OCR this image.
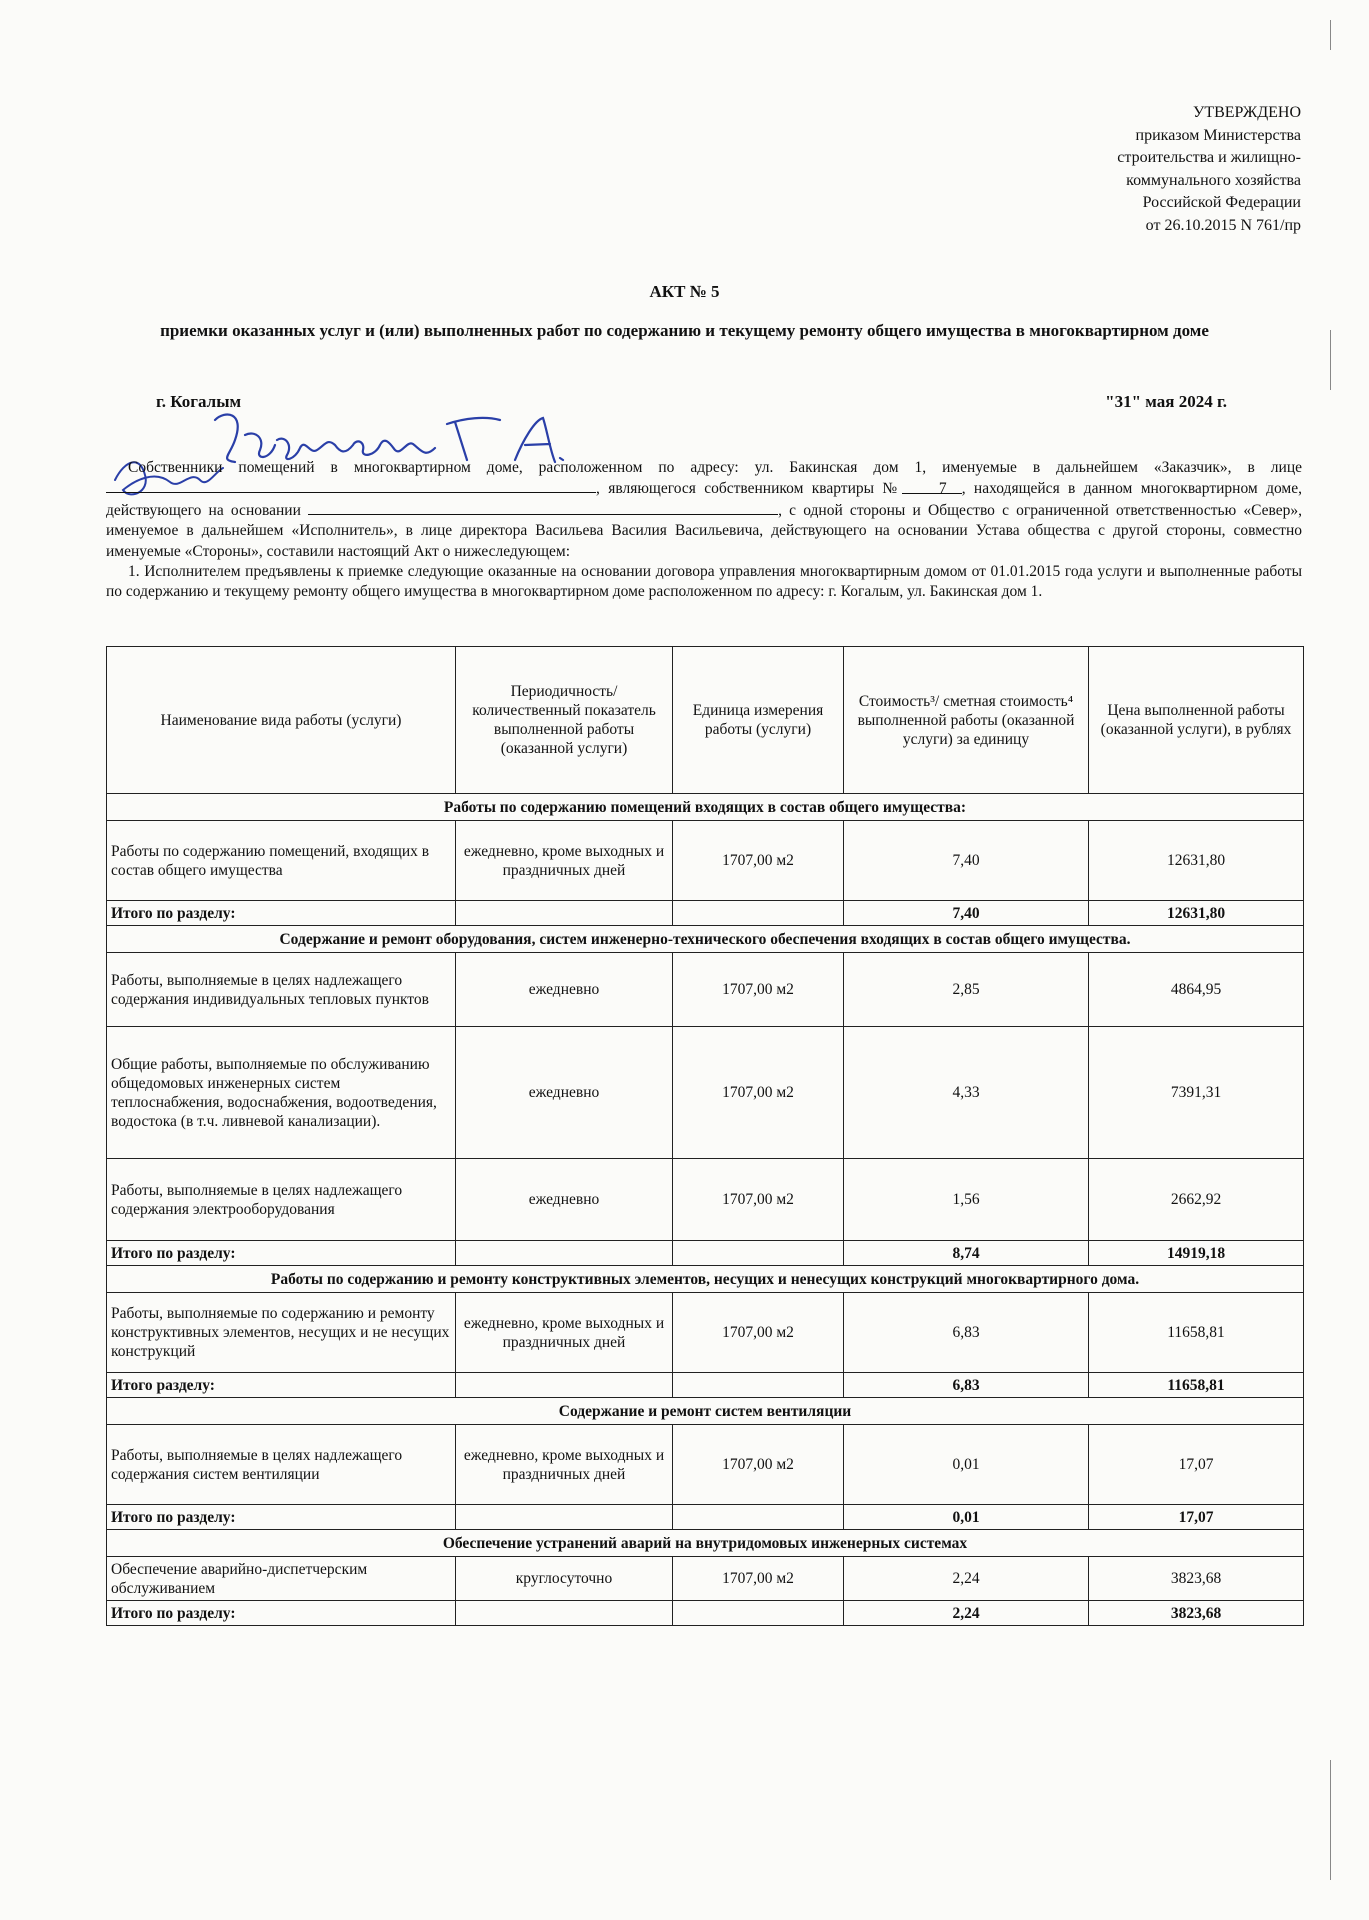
УТВЕРЖДЕНО
приказом Министерства
строительства и жилищно-
коммунального хозяйства
Российской Федерации
от 26.10.2015 N 761/пр
АКТ № 5
приемки оказанных услуг и (или) выполненных работ по содержанию и текущему ремонту общего имущества в многоквартирном доме
г. Когалым	"31" мая 2024 г.

Собственники помещений в многоквартирном доме, расположенном по адресу: ул. Бакинская дом 1, именуемые в дальнейшем «Заказчик», в лице , являющегося собственником квартиры № 7 , находящейся в данном многоквартирном доме, действующего на основании	, с одной стороны и Общество с ограниченной ответственностью «Север», именуемое в дальнейшем «Исполнитель», в лице директора Васильева Василия Васильевича, действующего на основании Устава общества с другой стороны, совместно именуемые «Стороны», составили настоящий Акт о нижеследующем:

1. Исполнителем предъявлены к приемке следующие оказанные на основании договора управления многоквартирным домом от 01.01.2015 года услуги и выполненные работы по содержанию и текущему ремонту общего имущества в многоквартирном доме расположенном по адресу: г. Когалым, ул. Бакинская дом 1.

Наименование вида работы (услуги)	Периодичность/ количественный показатель выполненной работы (оказанной услуги)	Единица измерения работы (услуги)	Стоимость³/ сметная стоимость⁴ выполненной работы (оказанной услуги) за единицу	Цена выполненной работы (оказанной услуги), в рублях
Работы по содержанию помещений входящих в состав общего имущества:				
Работы по содержанию помещений, входящих в состав общего имущества	ежедневно, кроме выходных и праздничных дней	1707,00 м2	7,40	12631,80
Итого по разделу:			7,40	12631,80
Содержание и ремонт оборудования, систем инженерно-технического обеспечения входящих в состав общего имущества.				
Работы, выполняемые в целях надлежащего содержания индивидуальных тепловых пунктов	ежедневно	1707,00 м2	2,85	4864,95
Общие работы, выполняемые по обслуживанию общедомовых инженерных систем теплоснабжения, водоснабжения, водоотведения, водостока (в т.ч. ливневой канализации).	ежедневно	1707,00 м2	4,33	7391,31
Работы, выполняемые в целях надлежащего содержания электрооборудования	ежедневно	1707,00 м2	1,56	2662,92
Итого по разделу:			8,74	14919,18
Работы по содержанию и ремонту конструктивных элементов, несущих и ненесущих конструкций многоквартирного дома.				
Работы, выполняемые по содержанию и ремонту конструктивных элементов, несущих и не несущих конструкций	ежедневно, кроме выходных и праздничных дней	1707,00 м2	6,83	11658,81
Итого разделу:			6,83	11658,81
Содержание и ремонт систем вентиляции				
Работы, выполняемые в целях надлежащего содержания систем вентиляции	ежедневно, кроме выходных и праздничных дней	1707,00 м2	0,01	17,07
Итого по разделу:			0,01	17,07
Обеспечение устранений аварий на внутридомовых инженерных системах				
Обеспечение аварийно-диспетчерским обслуживанием	круглосуточно	1707,00 м2	2,24	3823,68
Итого по разделу:			2,24	3823,68
